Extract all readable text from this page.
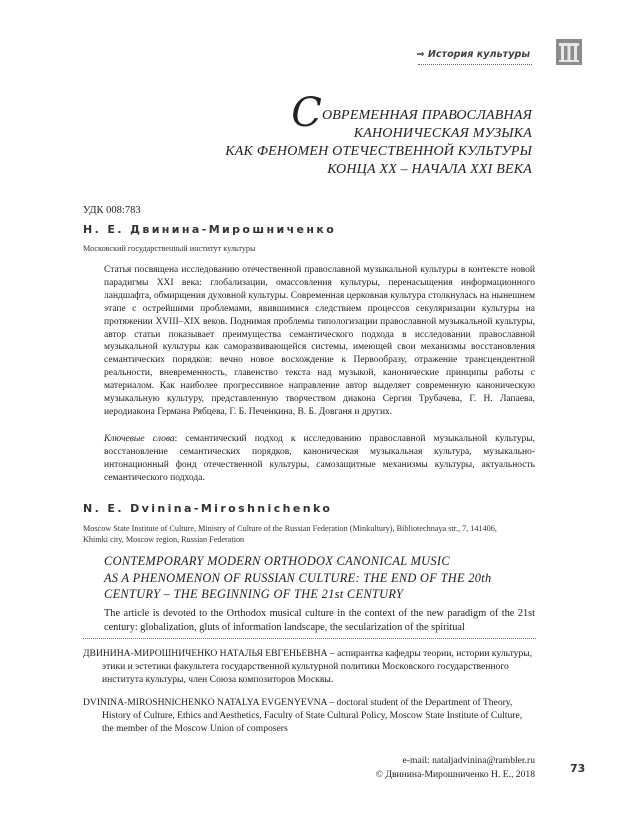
⇒ История культуры
СОВРЕМЕННАЯ ПРАВОСЛАВНАЯ
КАНОНИЧЕСКАЯ МУЗЫКА
КАК ФЕНОМЕН ОТЕЧЕСТВЕННОЙ КУЛЬТУРЫ
КОНЦА XX – НАЧАЛА XXI ВЕКА
УДК 008:783
Н. Е. Двинина-Мирошниченко
Московский государственный институт культуры
Статья посвящена исследованию отечественной православной музыкальной культуры в контексте новой парадигмы XXI века: глобализации, омассовления культуры, перенасыщения информационного ландшафта, обмирщения духовной культуры. Современная церковная культура столкнулась на нынешнем этапе с острейшими проблемами, явившимися следствием процессов секуляризации культуры на протяжении XVIII–XIX веков. Поднимая проблемы типологизации православной музыкальной культуры, автор статьи показывает преимущества семантического подхода в исследовании православной музыкальной культуры как саморазвивающейся системы, имеющей свои механизмы восстановления семантических порядков: вечно новое восхождение к Первообразу, отражение трансцендентной реальности, вневременность, главенство текста над музыкой, канонические принципы работы с материалом. Как наиболее прогрессивное направление автор выделяет современную каноническую музыкальную культуру, представленную творчеством диакона Сергия Трубачева, Г. Н. Лапаева, иеродиакона Германа Рябцева, Г. Б. Печенкина, В. Б. Довганя и других.
Ключевые слова: семантический подход к исследованию православной музыкальной культуры, восстановление семантических порядков, каноническая музыкальная культура, музыкально-интонационный фонд отечественной культуры, самозащитные механизмы культуры, актуальность семантического подхода.
N. E. Dvinina-Miroshnichenko
Moscow State Institute of Culture, Ministry of Culture of the Russian Federation (Minkulturу), Bibliotechnaya str., 7, 141406, Khimki city, Moscow region, Russian Federation
CONTEMPORARY MODERN ORTHODOX CANONICAL MUSIC
AS A PHENOMENON OF RUSSIAN CULTURE: THE END OF THE 20th
CENTURY – THE BEGINNING OF THE 21st CENTURY
The article is devoted to the Orthodox musical culture in the context of the new paradigm of the 21st century: globalization, gluts of information landscape, the secularization of the spiritual
ДВИНИНА-МИРОШНИЧЕНКО НАТАЛЬЯ ЕВГЕНЬЕВНА – аспирантка кафедры теории, истории культуры, этики и эстетики факультета государственной культурной политики Московского государственного института культуры, член Союза композиторов Москвы.
DVININA-MIROSHNICHENKO NATALYA EVGENYEVNA – doctoral student of the Department of Theory, History of Culture, Ethics and Aesthetics, Faculty of State Cultural Policy, Moscow State Institute of Culture, the member of the Moscow Union of composers
e-mail: nataljadvinina@rambler.ru
© Двинина-Мирошниченко Н. Е., 2018	73
